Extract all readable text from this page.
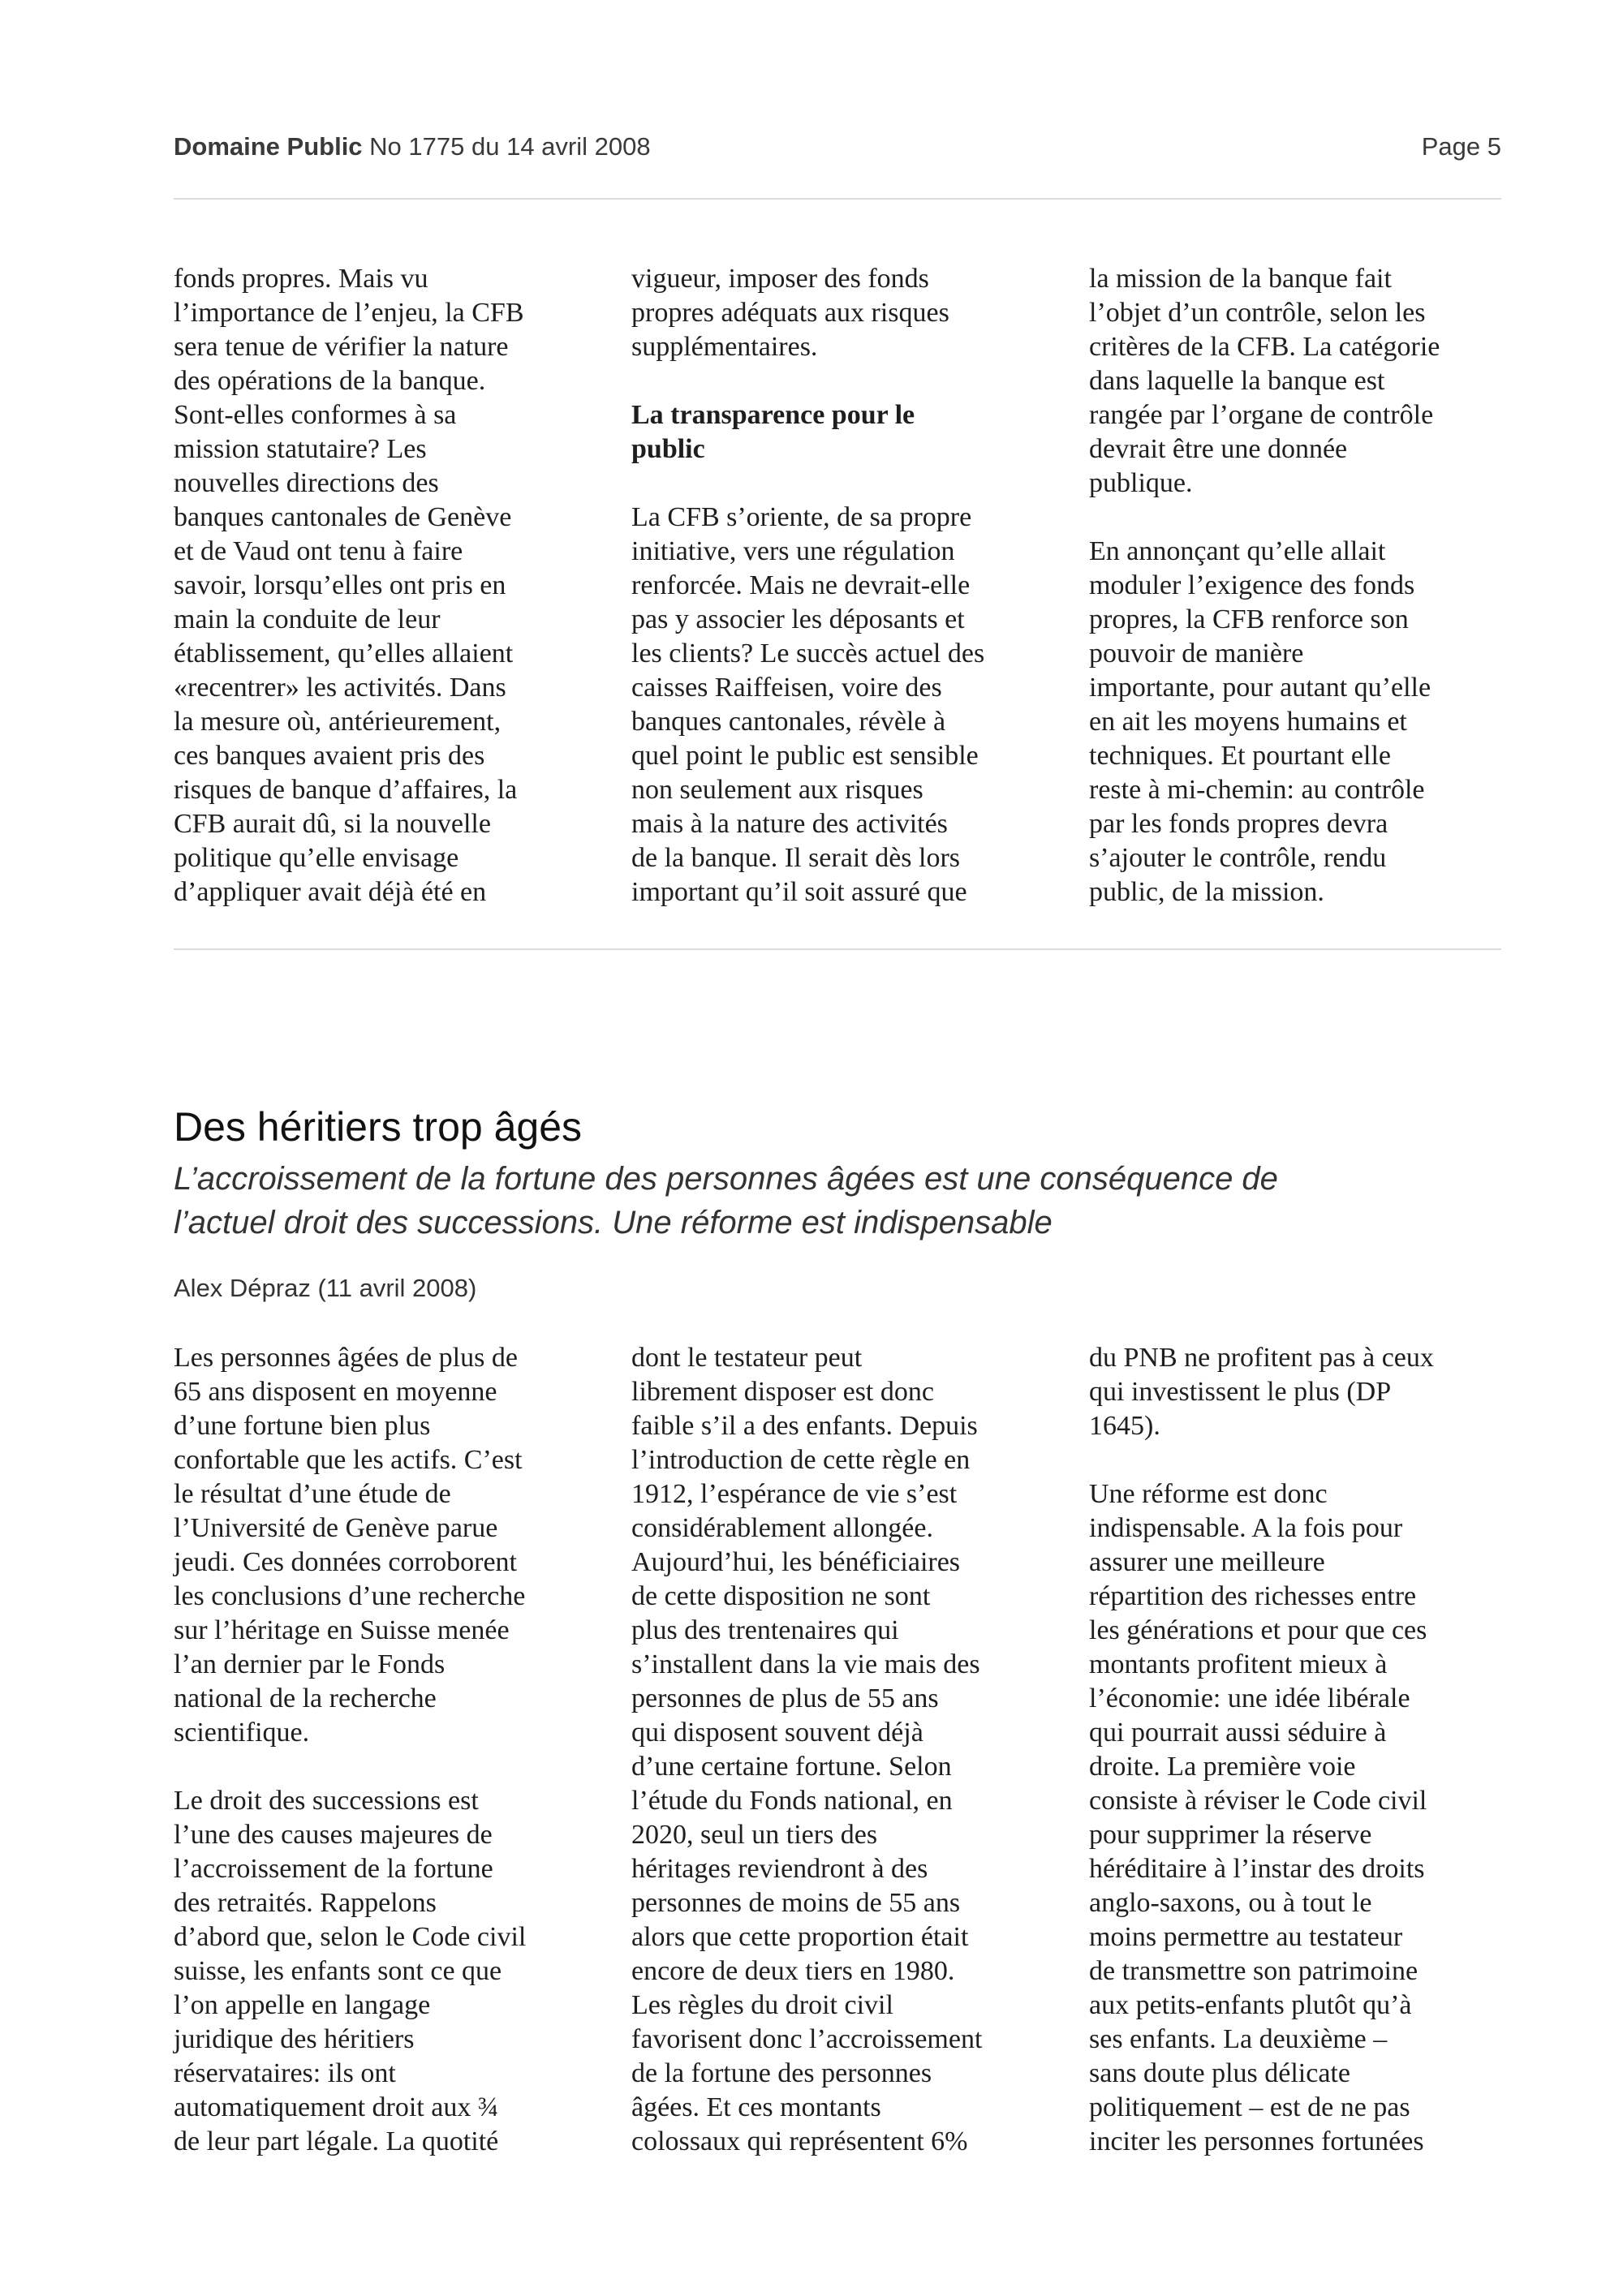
Domaine Public No 1775 du 14 avril 2008	Page 5

fonds propres. Mais vu
l’importance de l’enjeu, la CFB
sera tenue de vérifier la nature
des opérations de la banque.
Sont-elles conformes à sa
mission statutaire? Les
nouvelles directions des
banques cantonales de Genève
et de Vaud ont tenu à faire
savoir, lorsqu’elles ont pris en
main la conduite de leur
établissement, qu’elles allaient
«recentrer» les activités. Dans
la mesure où, antérieurement,
ces banques avaient pris des
risques de banque d’affaires, la
CFB aurait dû, si la nouvelle
politique qu’elle envisage
d’appliquer avait déjà été en

vigueur, imposer des fonds
propres adéquats aux risques
supplémentaires.

La transparence pour le
public

La CFB s’oriente, de sa propre
initiative, vers une régulation
renforcée. Mais ne devrait-elle
pas y associer les déposants et
les clients? Le succès actuel des
caisses Raiffeisen, voire des
banques cantonales, révèle à
quel point le public est sensible
non seulement aux risques
mais à la nature des activités
de la banque. Il serait dès lors
important qu’il soit assuré que

la mission de la banque fait
l’objet d’un contrôle, selon les
critères de la CFB. La catégorie
dans laquelle la banque est
rangée par l’organe de contrôle
devrait être une donnée
publique.

En annonçant qu’elle allait
moduler l’exigence des fonds
propres, la CFB renforce son
pouvoir de manière
importante, pour autant qu’elle
en ait les moyens humains et
techniques. Et pourtant elle
reste à mi-chemin: au contrôle
par les fonds propres devra
s’ajouter le contrôle, rendu
public, de la mission.

Des héritiers trop âgés

L’accroissement de la fortune des personnes âgées est une conséquence de
l’actuel droit des successions. Une réforme est indispensable

Alex Dépraz (11 avril 2008)

Les personnes âgées de plus de
65 ans disposent en moyenne
d’une fortune bien plus
confortable que les actifs. C’est
le résultat d’une étude de
l’Université de Genève parue
jeudi. Ces données corroborent
les conclusions d’une recherche
sur l’héritage en Suisse menée
l’an dernier par le Fonds
national de la recherche
scientifique.

Le droit des successions est
l’une des causes majeures de
l’accroissement de la fortune
des retraités. Rappelons
d’abord que, selon le Code civil
suisse, les enfants sont ce que
l’on appelle en langage
juridique des héritiers
réservataires: ils ont
automatiquement droit aux ¾
de leur part légale. La quotité

dont le testateur peut
librement disposer est donc
faible s’il a des enfants. Depuis
l’introduction de cette règle en
1912, l’espérance de vie s’est
considérablement allongée.
Aujourd’hui, les bénéficiaires
de cette disposition ne sont
plus des trentenaires qui
s’installent dans la vie mais des
personnes de plus de 55 ans
qui disposent souvent déjà
d’une certaine fortune. Selon
l’étude du Fonds national, en
2020, seul un tiers des
héritages reviendront à des
personnes de moins de 55 ans
alors que cette proportion était
encore de deux tiers en 1980.
Les règles du droit civil
favorisent donc l’accroissement
de la fortune des personnes
âgées. Et ces montants
colossaux qui représentent 6%

du PNB ne profitent pas à ceux
qui investissent le plus (DP
1645).

Une réforme est donc
indispensable. A la fois pour
assurer une meilleure
répartition des richesses entre
les générations et pour que ces
montants profitent mieux à
l’économie: une idée libérale
qui pourrait aussi séduire à
droite. La première voie
consiste à réviser le Code civil
pour supprimer la réserve
héréditaire à l’instar des droits
anglo-saxons, ou à tout le
moins permettre au testateur
de transmettre son patrimoine
aux petits-enfants plutôt qu’à
ses enfants. La deuxième –
sans doute plus délicate
politiquement – est de ne pas
inciter les personnes fortunées
